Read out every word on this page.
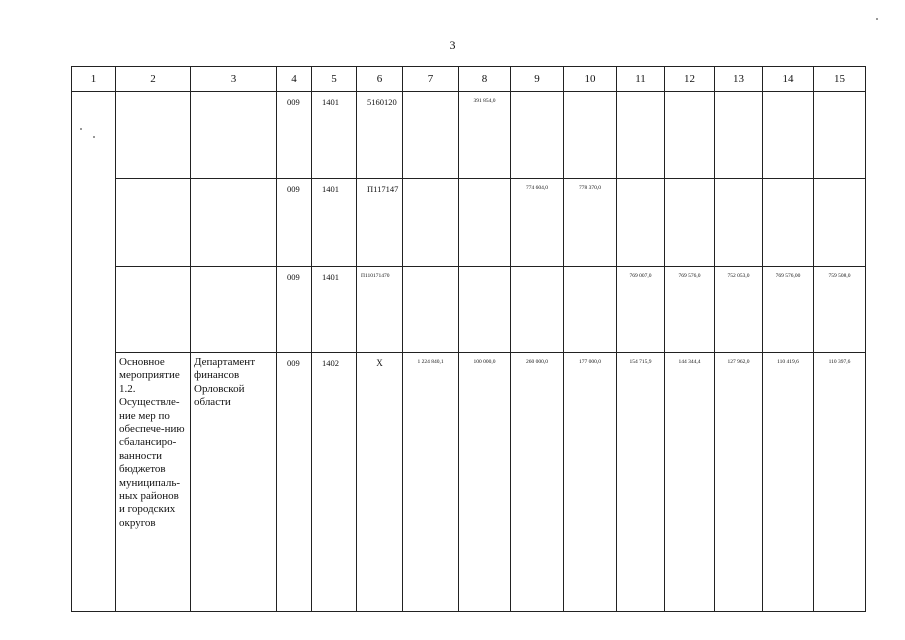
3
1	2	3	4	5	6	7	8	9	10	11	12	13	14	15

			009	1401	5160120		391 854,0							

			009	1401	П117147			774 604,0	778 370,0					

			009	1401	П110171470					769 007,0	769 576,0	752 053,0	769 576,00	759 508,0

	Основное мероприятие 1.2. Осуществле-ние мер по обеспече-нию сбалансиро-ванности бюджетов муниципаль-ных районов и городских округов	Департамент финансов Орловской области	009	1402	X	1 224 840,1	100 000,0	260 000,0	177 000,0	154 715,9	144 344,4	127 962,0	110 419,6	110 397,6
